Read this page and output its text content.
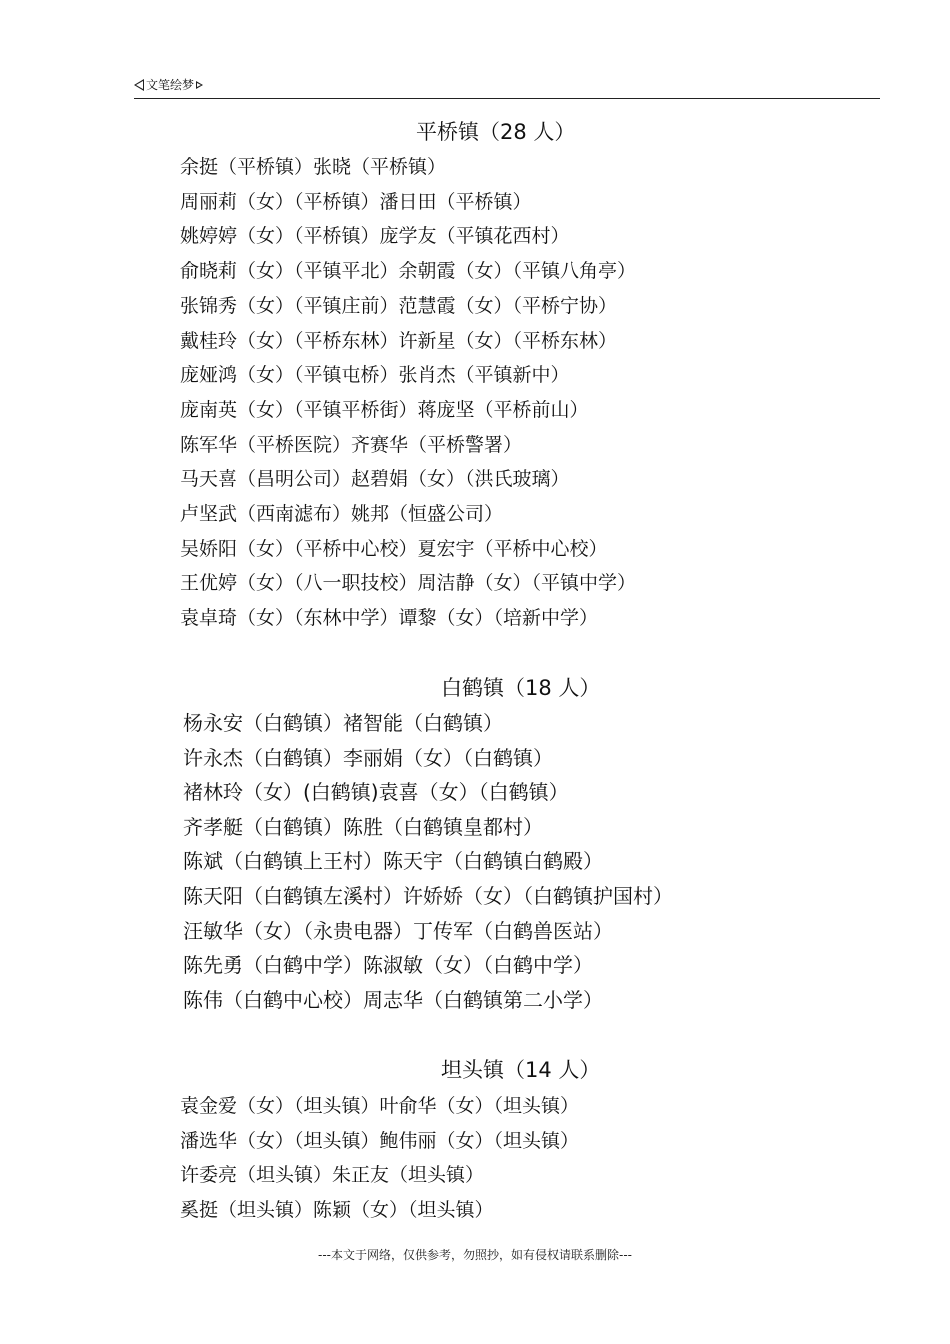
文笔绘梦
平桥镇（28 人）
余挺（平桥镇）张晓（平桥镇）
周丽莉（女）（平桥镇）潘日田（平桥镇）
姚婷婷（女）（平桥镇）庞学友（平镇花西村）
俞晓莉（女）（平镇平北）余朝霞（女）（平镇八角亭）
张锦秀（女）（平镇庄前）范慧霞（女）（平桥宁协）
戴桂玲（女）（平桥东林）许新星（女）（平桥东林）
庞娅鸿（女）（平镇屯桥）张肖杰（平镇新中）
庞南英（女）（平镇平桥街）蒋庞坚（平桥前山）
陈军华（平桥医院）齐赛华（平桥警署）
马天喜（昌明公司）赵碧娟（女）（洪氏玻璃）
卢坚武（西南滤布）姚邦（恒盛公司）
吴娇阳（女）（平桥中心校）夏宏宇（平桥中心校）
王优婷（女）（八一职技校）周洁静（女）（平镇中学）
袁卓琦（女）（东林中学）谭黎（女）（培新中学）
白鹤镇（18 人）
杨永安（白鹤镇）褚智能（白鹤镇）
许永杰（白鹤镇）李丽娟（女）（白鹤镇）
褚林玲（女）(白鹤镇)袁喜（女）（白鹤镇）
齐孝艇（白鹤镇）陈胜（白鹤镇皇都村）
陈斌（白鹤镇上王村）陈天宇（白鹤镇白鹤殿）
陈天阳（白鹤镇左溪村）许娇娇（女）（白鹤镇护国村）
汪敏华（女）（永贵电器）丁传军（白鹤兽医站）
陈先勇（白鹤中学）陈淑敏（女）（白鹤中学）
陈伟（白鹤中心校）周志华（白鹤镇第二小学）
坦头镇（14 人）
袁金爱（女）（坦头镇）叶俞华（女）（坦头镇）
潘选华（女）（坦头镇）鲍伟丽（女）（坦头镇）
许委亮（坦头镇）朱正友（坦头镇）
奚挺（坦头镇）陈颖（女）（坦头镇）
---本文于网络，仅供参考，勿照抄，如有侵权请联系删除---
